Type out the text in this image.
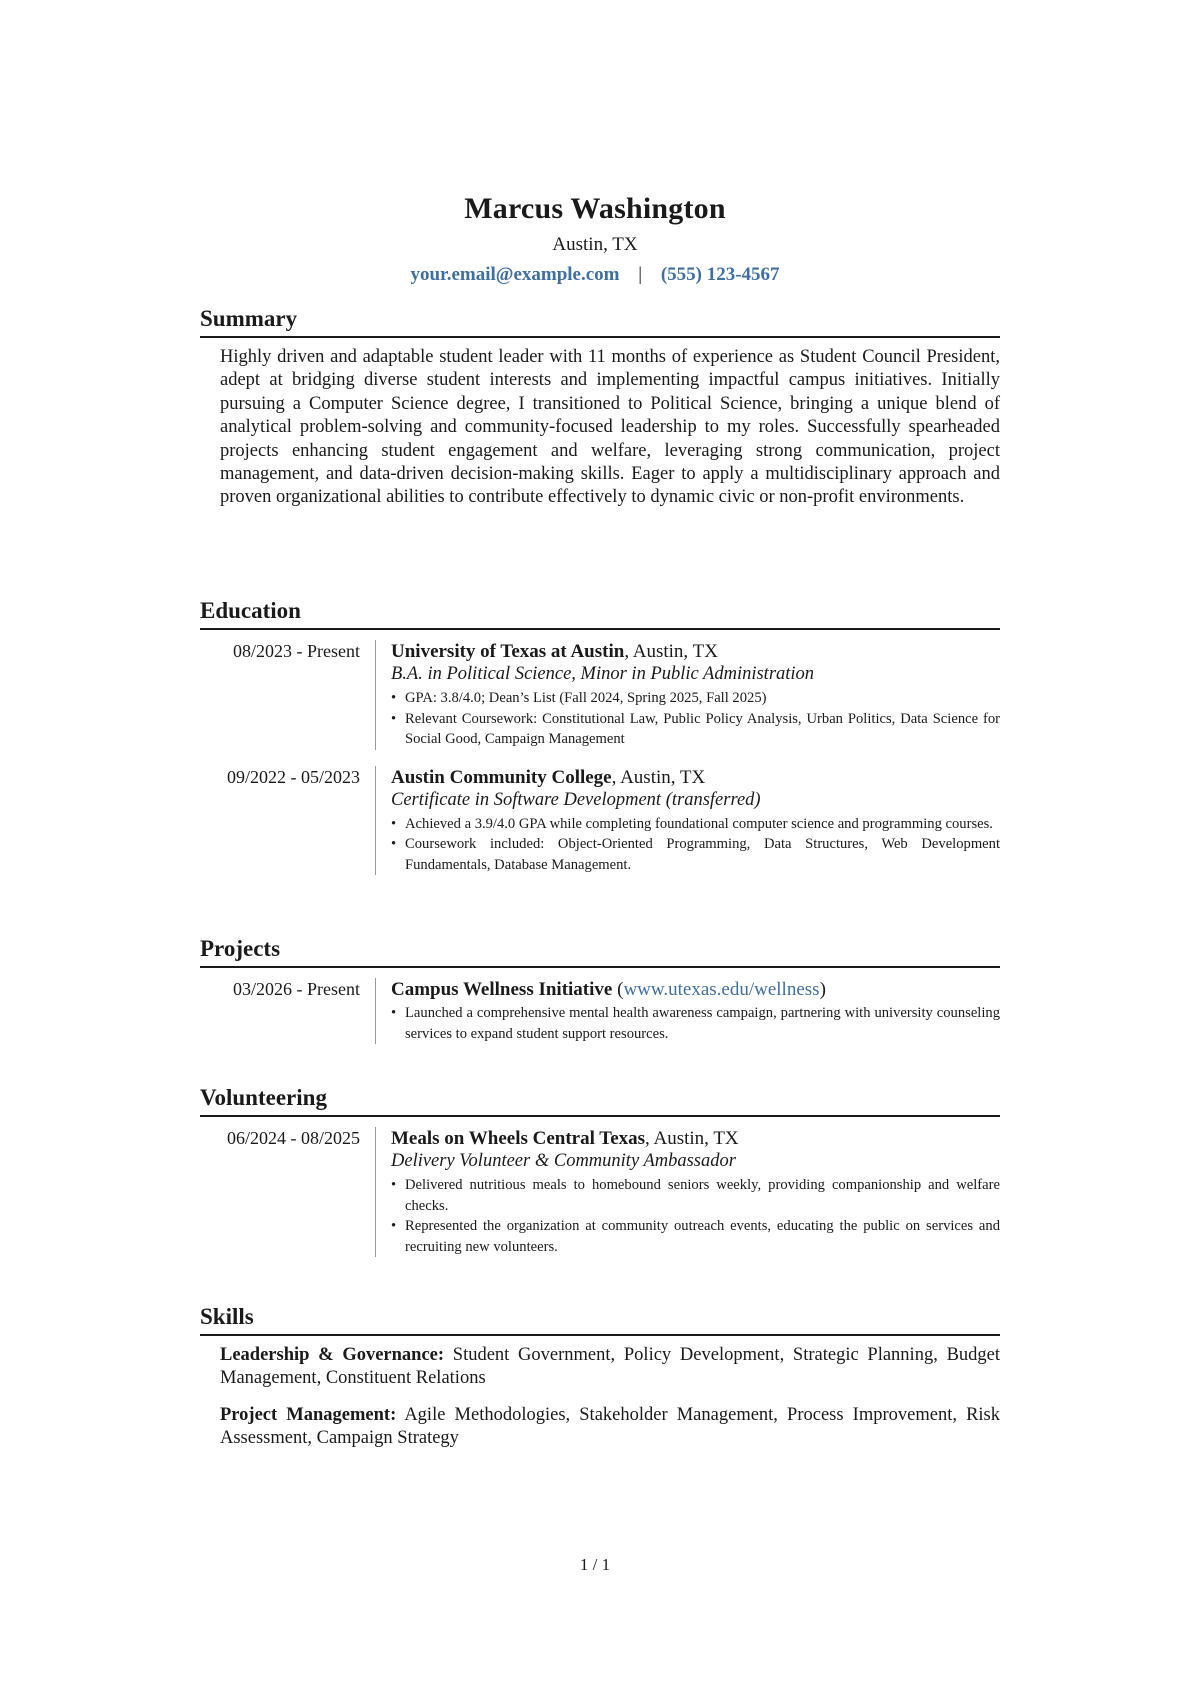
Marcus Washington
Austin, TX
your.email@example.com | (555) 123-4567
Summary
Highly driven and adaptable student leader with 11 months of experience as Student Council President, adept at bridging diverse student interests and implementing impactful campus initiatives. Initially pursuing a Computer Science degree, I transitioned to Political Science, bringing a unique blend of analytical problem-solving and community-focused leadership to my roles. Successfully spearheaded projects enhancing student engagement and welfare, leveraging strong communication, project management, and data-driven decision-making skills. Eager to apply a multidisciplinary approach and proven organizational abilities to contribute effectively to dynamic civic or non-profit environments.
Education
08/2023 - Present	University of Texas at Austin, Austin, TX
B.A. in Political Science, Minor in Public Administration
• GPA: 3.8/4.0; Dean’s List (Fall 2024, Spring 2025, Fall 2025)
• Relevant Coursework: Constitutional Law, Public Policy Analysis, Urban Politics, Data Science for Social Good, Campaign Management
09/2022 - 05/2023	Austin Community College, Austin, TX
Certificate in Software Development (transferred)
• Achieved a 3.9/4.0 GPA while completing foundational computer science and programming courses.
• Coursework included: Object-Oriented Programming, Data Structures, Web Development Fundamentals, Database Management.
Projects
03/2026 - Present	Campus Wellness Initiative (www.utexas.edu/wellness)
• Launched a comprehensive mental health awareness campaign, partnering with university counseling services to expand student support resources.
Volunteering
06/2024 - 08/2025	Meals on Wheels Central Texas, Austin, TX
Delivery Volunteer & Community Ambassador
• Delivered nutritious meals to homebound seniors weekly, providing companionship and welfare checks.
• Represented the organization at community outreach events, educating the public on services and recruiting new volunteers.
Skills
Leadership & Governance: Student Government, Policy Development, Strategic Planning, Budget Management, Constituent Relations
Project Management: Agile Methodologies, Stakeholder Management, Process Improvement, Risk Assessment, Campaign Strategy
1 / 1
